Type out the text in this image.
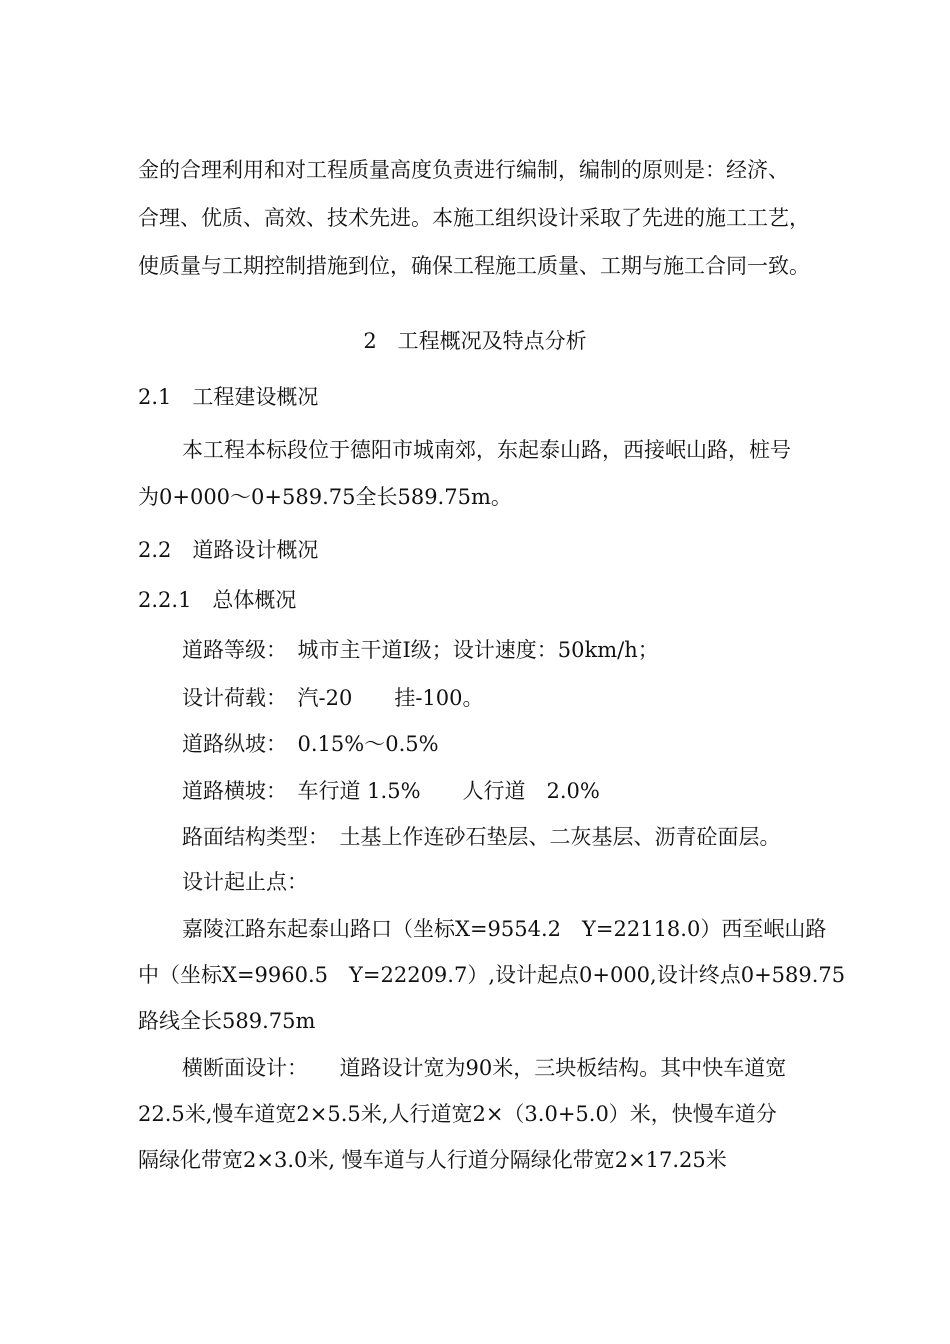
金的合理利用和对工程质量高度负责进行编制，编制的原则是：经济、
合理、优质、高效、技术先进。本施工组织设计采取了先进的施工工艺，
使质量与工期控制措施到位，确保工程施工质量、工期与施工合同一致。
2　工程概况及特点分析
2.1　工程建设概况
本工程本标段位于德阳市城南郊，东起泰山路，西接岷山路，桩号
为0+000～0+589.75全长589.75m。
2.2　道路设计概况
2.2.1　总体概况
道路等级：　城市主干道Ⅰ级；设计速度：50km/h；
设计荷载：　汽-20　　挂-100。
道路纵坡：　0.15%～0.5%
道路横坡：　车行道 1.5%　　人行道　2.0%
路面结构类型：　土基上作连砂石垫层、二灰基层、沥青砼面层。
设计起止点：
嘉陵江路东起泰山路口（坐标X=9554.2　Y=22118.0）西至岷山路
中（坐标X=9960.5　Y=22209.7）,设计起点0+000,设计终点0+589.75
路线全长589.75m
横断面设计：　　道路设计宽为90米，三块板结构。其中快车道宽
22.5米,慢车道宽2×5.5米,人行道宽2×（3.0+5.0）米，快慢车道分
隔绿化带宽2×3.0米, 慢车道与人行道分隔绿化带宽2×17.25米
